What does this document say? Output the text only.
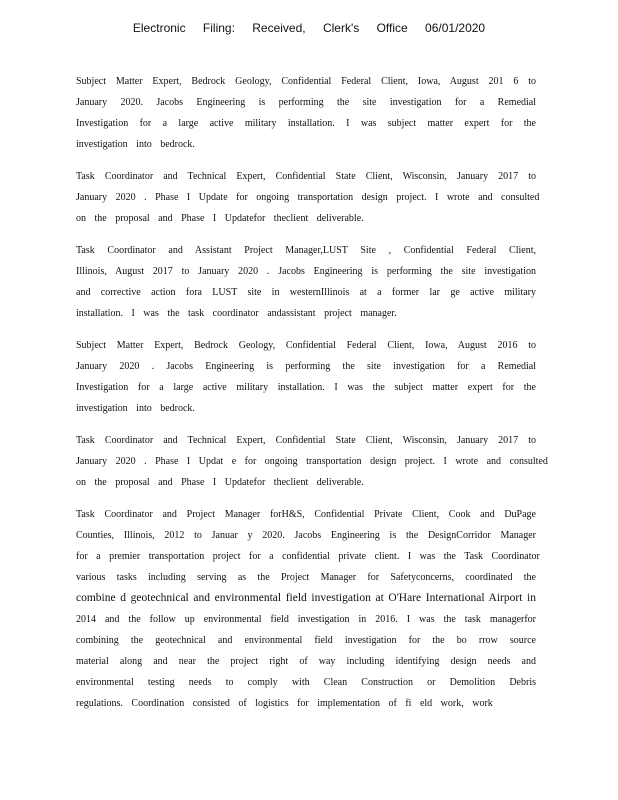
Electronic Filing: Received, Clerk's Office 06/01/2020
Subject Matter Expert, Bedrock Geology, Confidential Federal Client, Iowa, August 201 6 to
January 2020. Jacobs Engineering is performing the site investigation for a Remedial
Investigation for a large active military installation. I was subject matter expert for the
investigation into bedrock.
Task Coordinator and Technical Expert, Confidential State Client, Wisconsin, January 2017 to
January 2020 . Phase I Update for ongoing transportation design project. I wrote and consulted
on the proposal and Phase I Updatefor theclient deliverable.
Task Coordinator and Assistant Project Manager,LUST Site , Confidential Federal Client,
Illinois, August 2017 to January 2020 . Jacobs Engineering is performing the site investigation
and corrective action fora LUST site in westernIllinois at a former lar ge active military
installation. I was the task coordinator andassistant project manager.
Subject Matter Expert, Bedrock Geology, Confidential Federal Client, Iowa, August 2016 to
January 2020 . Jacobs Engineering is performing the site investigation for a Remedial
Investigation for a large active military installation. I was the subject matter expert for the
investigation into bedrock.
Task Coordinator and Technical Expert, Confidential State Client, Wisconsin, January 2017 to
January 2020 . Phase I Updat e for ongoing transportation design project. I wrote and consulted
on the proposal and Phase I Updatefor theclient deliverable.
Task Coordinator and Project Manager forH&S, Confidential Private Client, Cook and DuPage
Counties, Illinois, 2012 to Januar y 2020. Jacobs Engineering is the DesignCorridor Manager
for a premier transportation project for a confidential private client. I was the Task Coordinator
various tasks including serving as the Project Manager for Safetyconcerns, coordinated the
combine d geotechnical and environmental field investigation at O'Hare International Airport in
2014 and the follow up environmental field investigation in 2016. I was the task managerfor
combining the geotechnical and environmental field investigation for the bo rrow source
material along and near the project right of way including identifying design needs and
environmental testing needs to comply with Clean Construction or Demolition Debris
regulations. Coordination consisted of logistics for implementation of fi eld work, work
